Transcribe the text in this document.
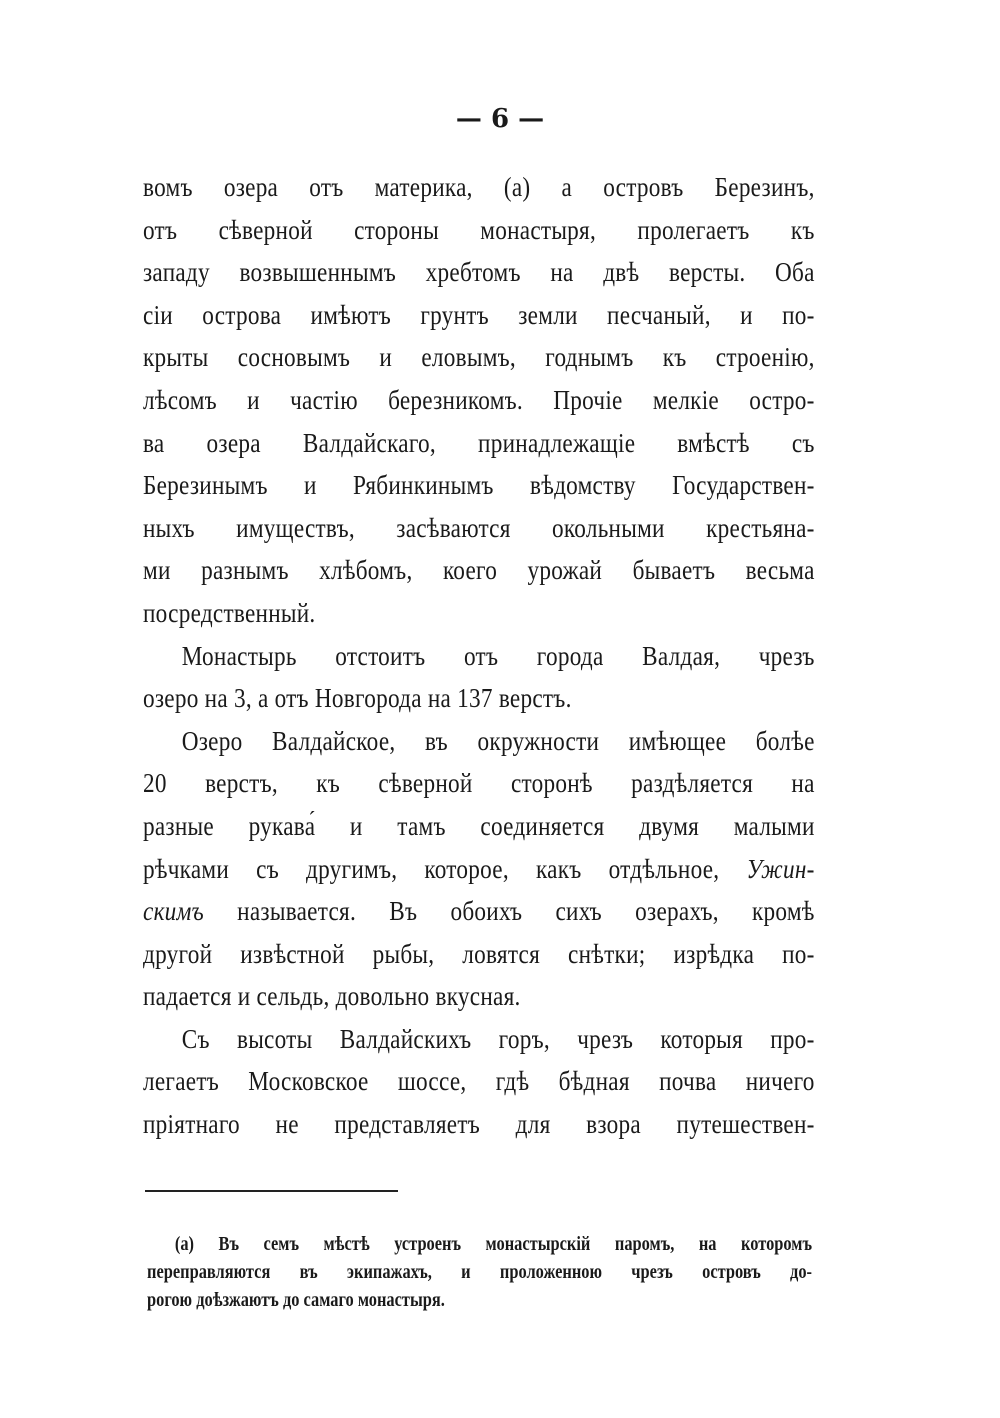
— 6 —
вомъ озера отъ материка, (а) а островъ Березинъ,
отъ сѣверной стороны монастыря, пролегаетъ къ
западу возвышеннымъ хребтомъ на двѣ версты. Оба
сіи острова имѣютъ грунтъ земли песчаный, и по-
крыты сосновымъ и еловымъ, годнымъ къ строенію,
лѣсомъ и частію березникомъ. Прочіе мелкіе остро-
ва озера Валдайскаго, принадлежащіе вмѣстѣ съ
Березинымъ и Рябинкинымъ вѣдомству Государствен-
ныхъ имуществъ, засѣваются окольными крестьяна-
ми разнымъ хлѣбомъ, коего урожай бываетъ весьма
посредственный.
Монастырь отстоитъ отъ города Валдая, чрезъ
озеро на 3, а отъ Новгорода на 137 верстъ.
Озеро Валдайское, въ окружности имѣющее болѣе
20 верстъ, къ сѣверной сторонѣ раздѣляется на
разные рукава́ и тамъ соединяется двумя малыми
рѣчками съ другимъ, которое, какъ отдѣльное, Ужин-
скимъ называется. Въ обоихъ сихъ озерахъ, кромѣ
другой извѣстной рыбы, ловятся снѣтки; изрѣдка по-
падается и сельдь, довольно вкусная.
Съ высоты Валдайскихъ горъ, чрезъ которыя про-
легаетъ Московское шоссе, гдѣ бѣдная почва ничего
пріятнаго не представляетъ для взора путешествен-
(а) Въ семъ мѣстѣ устроенъ монастырскій паромъ, на которомъ
переправляются въ экипажахъ, и проложенною чрезъ островъ до-
рогою доѣзжаютъ до самаго монастыря.
